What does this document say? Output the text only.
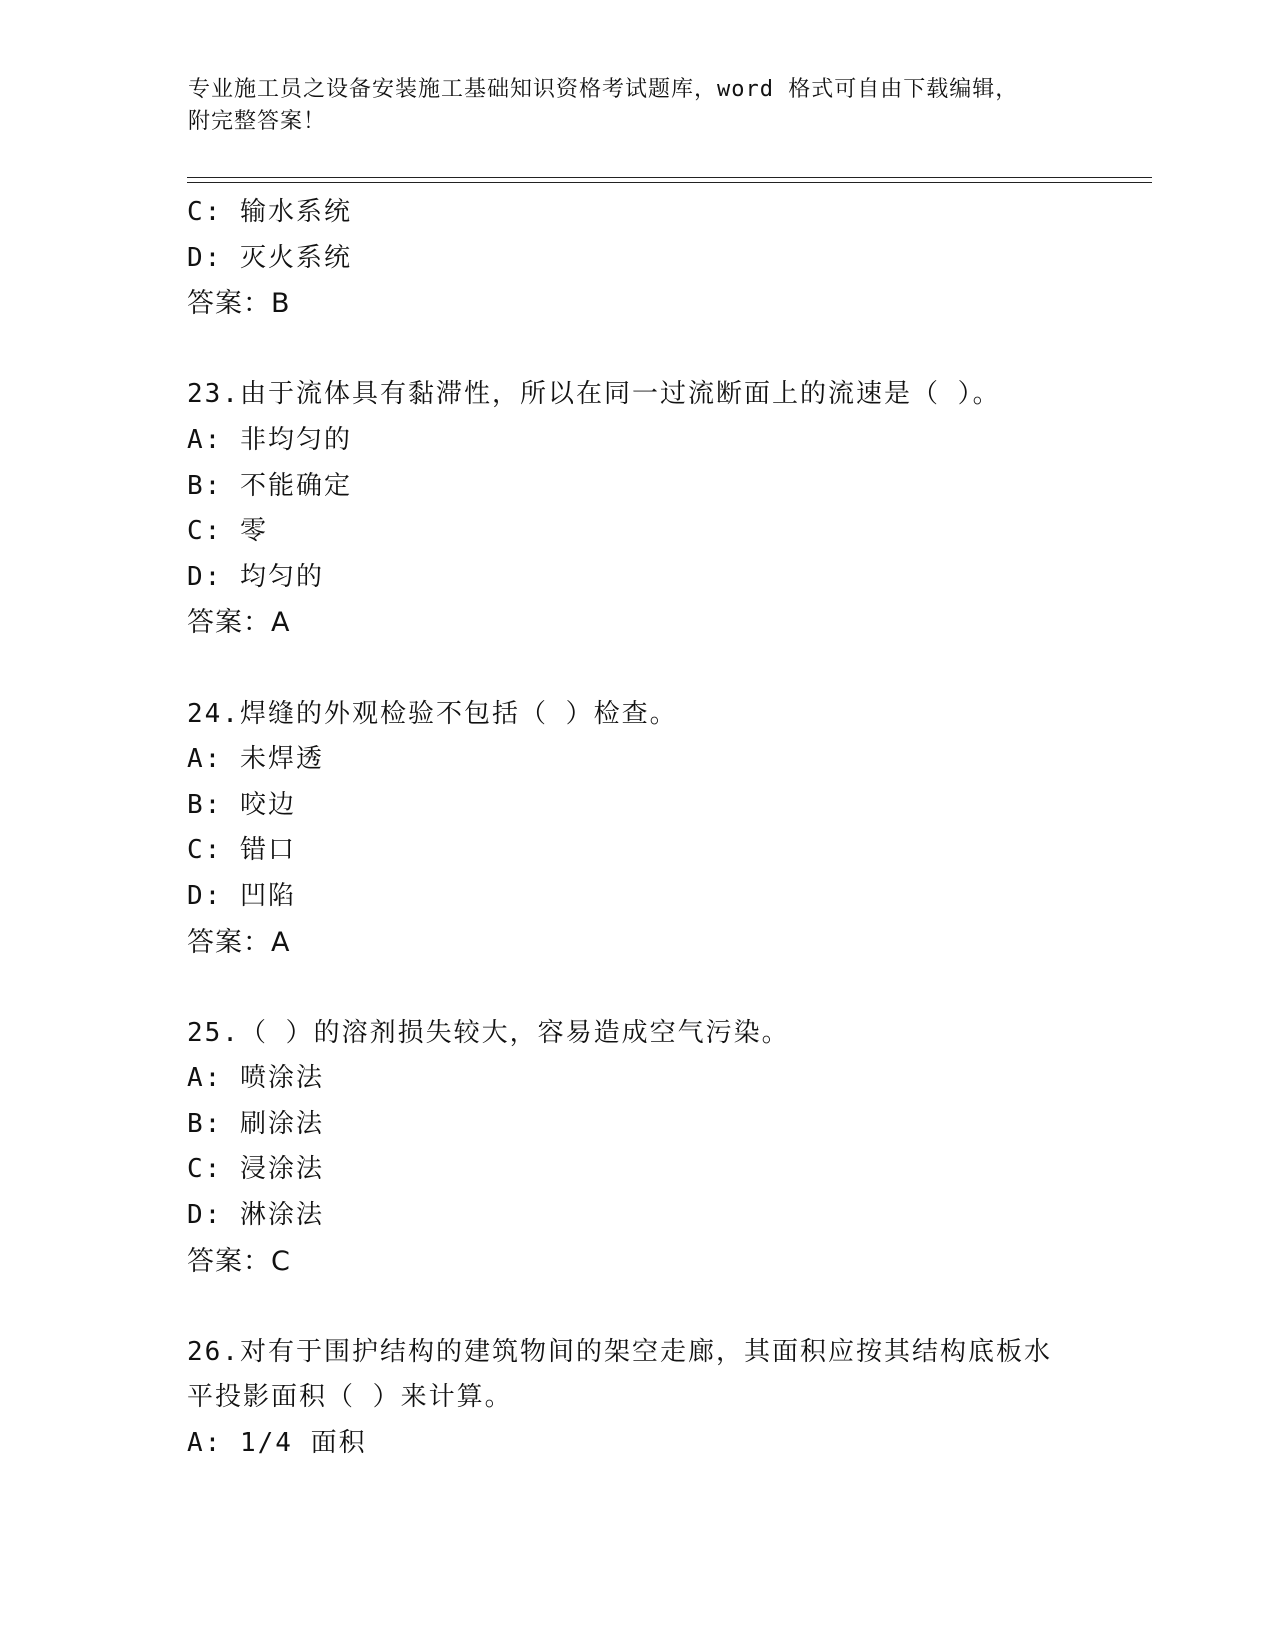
专业施工员之设备安装施工基础知识资格考试题库，word 格式可自由下载编辑，
附完整答案！
C: 输水系统
D: 灭火系统
答案：B
23.由于流体具有黏滞性，所以在同一过流断面上的流速是（ ）。
A: 非均匀的
B: 不能确定
C: 零
D: 均匀的
答案：A
24.焊缝的外观检验不包括（ ）检查。
A: 未焊透
B: 咬边
C: 错口
D: 凹陷
答案：A
25.（ ）的溶剂损失较大，容易造成空气污染。
A: 喷涂法
B: 刷涂法
C: 浸涂法
D: 淋涂法
答案：C
26.对有于围护结构的建筑物间的架空走廊，其面积应按其结构底板水
平投影面积（ ）来计算。
A: 1/4 面积
